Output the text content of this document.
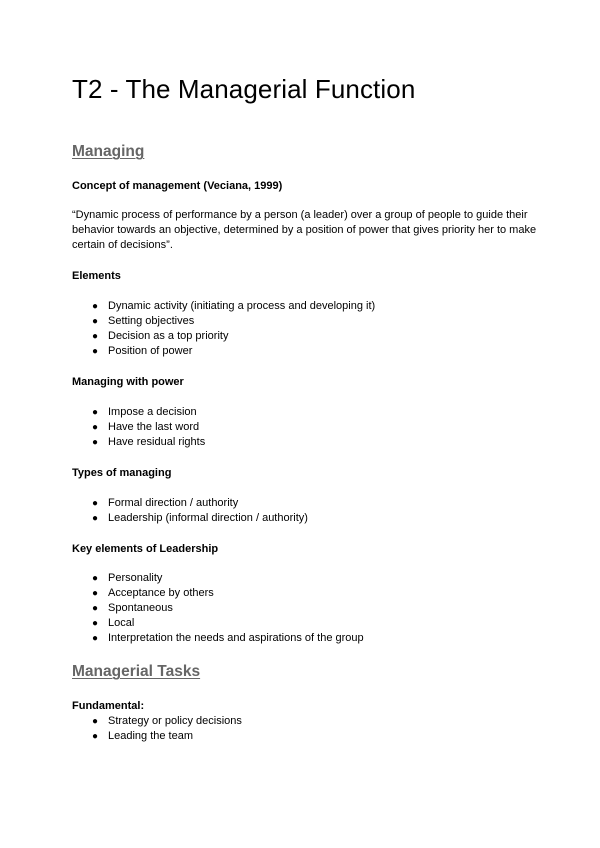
T2 - The Managerial Function
Managing
Concept of management (Veciana, 1999)

“Dynamic process of performance by a person (a leader) over a group of people to guide their behavior towards an objective, determined by a position of power that gives priority her to make certain of decisions”.

Elements
● Dynamic activity (initiating a process and developing it)
● Setting objectives
● Decision as a top priority
● Position of power
Managing with power
● Impose a decision
● Have the last word
● Have residual rights
Types of managing
● Formal direction / authority
● Leadership (informal direction / authority)
Key elements of Leadership
● Personality
● Acceptance by others
● Spontaneous
● Local
● Interpretation the needs and aspirations of the group
Managerial Tasks
Fundamental:
● Strategy or policy decisions
● Leading the team
